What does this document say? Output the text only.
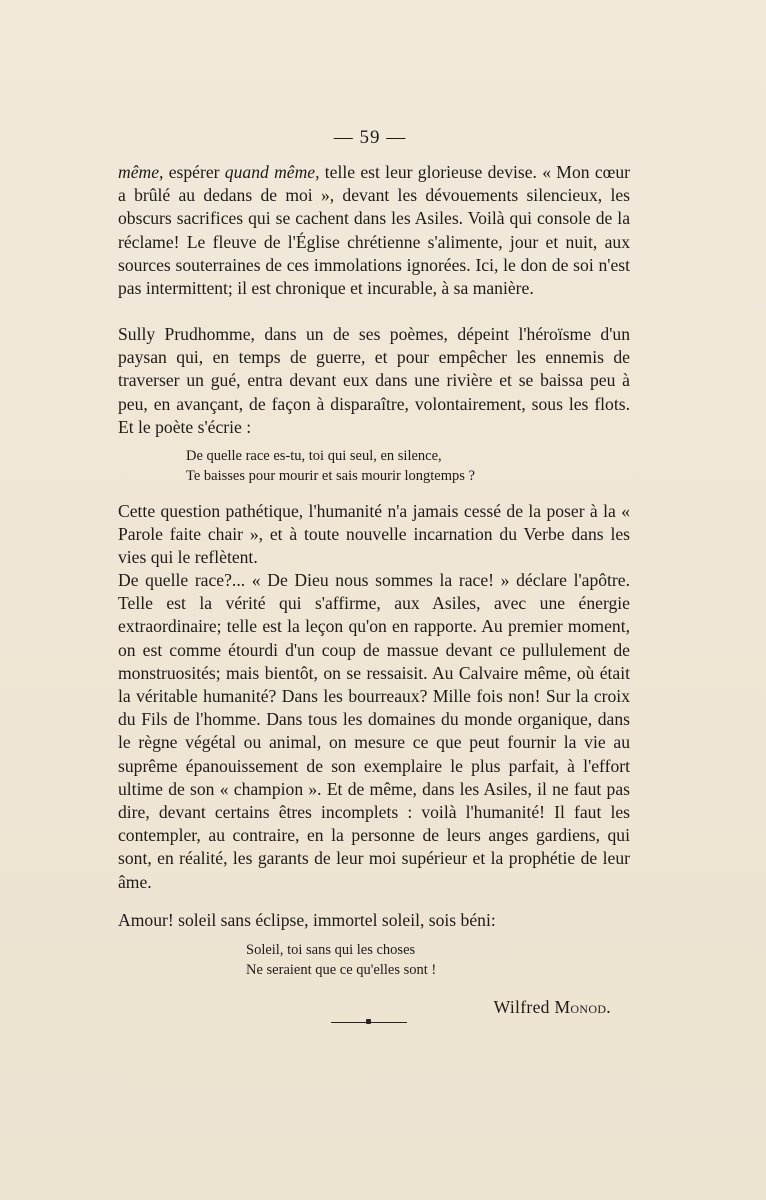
— 59 —

même, espérer quand même, telle est leur glorieuse devise. « Mon cœur a brûlé au dedans de moi », devant les dévouements silencieux, les obscurs sacrifices qui se cachent dans les Asiles. Voilà qui console de la réclame! Le fleuve de l'Église chrétienne s'alimente, jour et nuit, aux sources souterraines de ces immolations ignorées. Ici, le don de soi n'est pas intermittent; il est chronique et incurable, à sa manière.

Sully Prudhomme, dans un de ses poèmes, dépeint l'héroïsme d'un paysan qui, en temps de guerre, et pour empêcher les ennemis de traverser un gué, entra devant eux dans une rivière et se baissa peu à peu, en avançant, de façon à disparaître, volontairement, sous les flots. Et le poète s'écrie :

De quelle race es-tu, toi qui seul, en silence,
Te baisses pour mourir et sais mourir longtemps ?

Cette question pathétique, l'humanité n'a jamais cessé de la poser à la « Parole faite chair », et à toute nouvelle incarnation du Verbe dans les vies qui le reflètent.

De quelle race?... « De Dieu nous sommes la race! » déclare l'apôtre. Telle est la vérité qui s'affirme, aux Asiles, avec une énergie extraordinaire; telle est la leçon qu'on en rapporte. Au premier moment, on est comme étourdi d'un coup de massue devant ce pullulement de monstruosités; mais bientôt, on se ressaisit. Au Calvaire même, où était la véritable humanité? Dans les bourreaux? Mille fois non! Sur la croix du Fils de l'homme. Dans tous les domaines du monde organique, dans le règne végétal ou animal, on mesure ce que peut fournir la vie au suprême épanouissement de son exemplaire le plus parfait, à l'effort ultime de son « champion ». Et de même, dans les Asiles, il ne faut pas dire, devant certains êtres incomplets : voilà l'humanité! Il faut les contempler, au contraire, en la personne de leurs anges gardiens, qui sont, en réalité, les garants de leur moi supérieur et la prophétie de leur âme.

Amour! soleil sans éclipse, immortel soleil, sois béni:

Soleil, toi sans qui les choses
Ne seraient que ce qu'elles sont !
Wilfred Monod.
